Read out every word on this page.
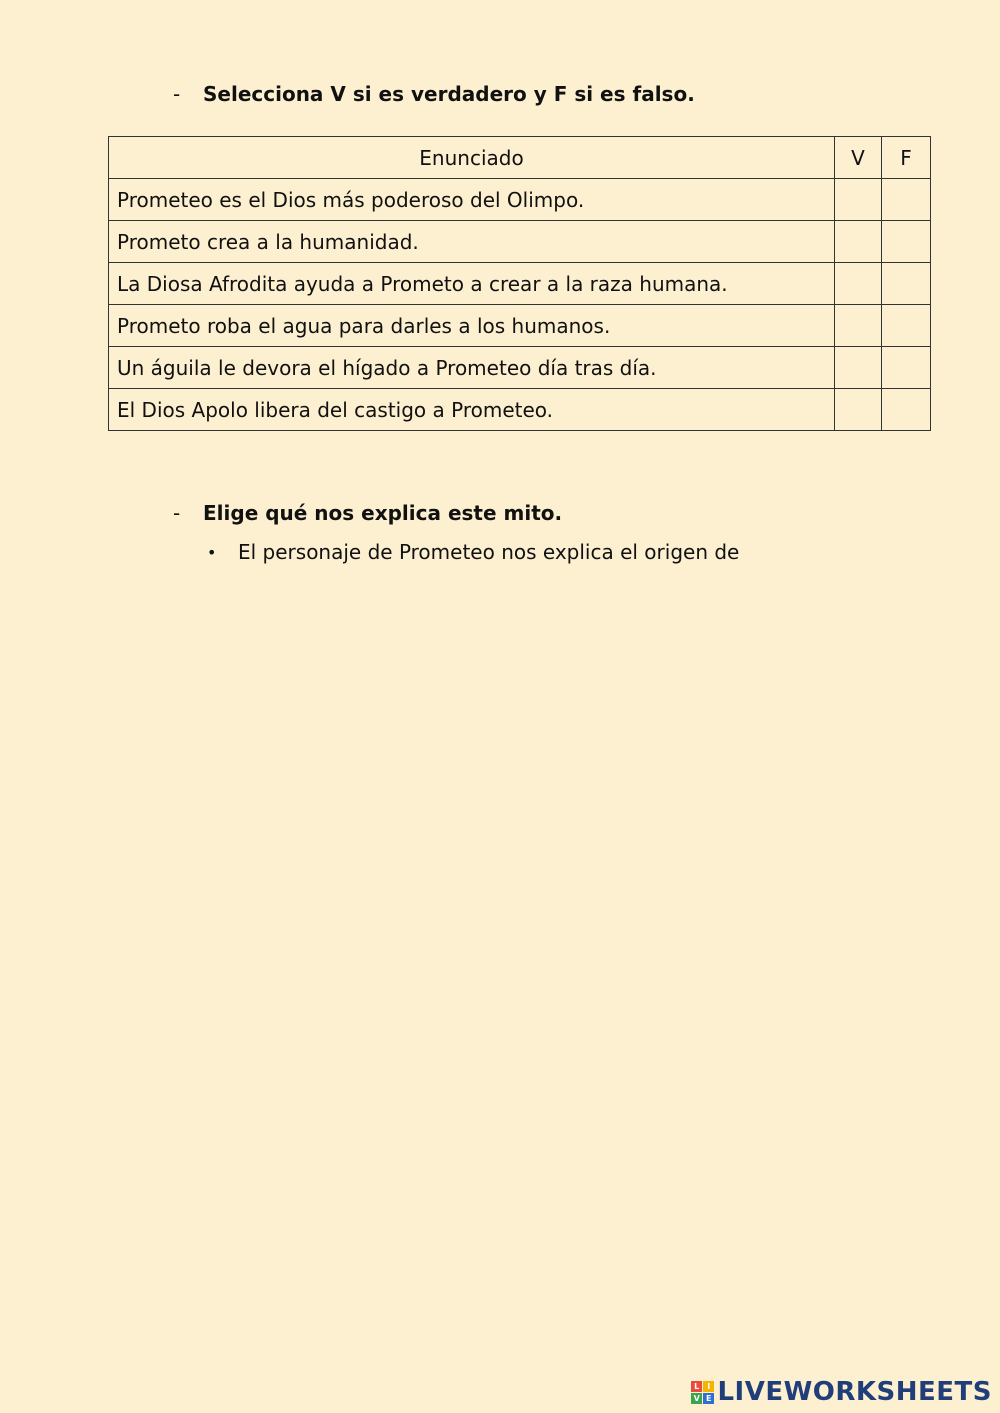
-	Selecciona V si es verdadero y F si es falso.
Enunciado	V	F
Prometeo es el Dios más poderoso del Olimpo.		
Prometo crea a la humanidad.		
La Diosa Afrodita ayuda a Prometo a crear a la raza humana.		
Prometo roba el agua para darles a los humanos.		
Un águila le devora el hígado a Prometeo día tras día.		
El Dios Apolo libera del castigo a Prometeo.		
-	Elige qué nos explica este mito.
•	El personaje de Prometeo nos explica el origen de
L I
V E LIVEWORKSHEETS
